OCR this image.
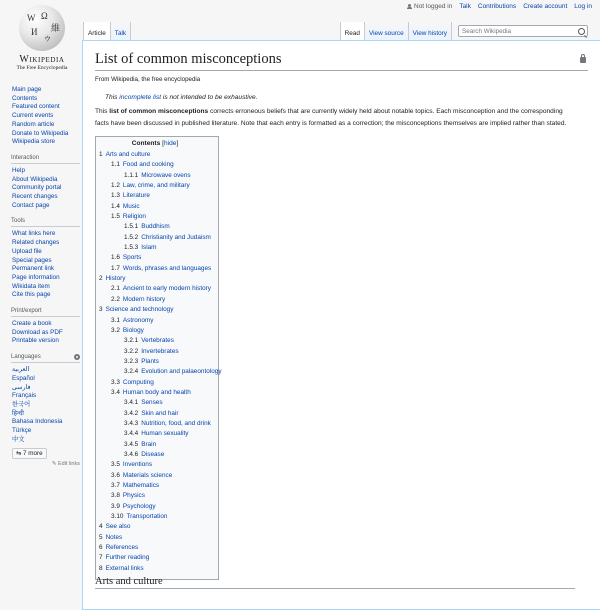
Not logged in Talk Contributions Create account Log in
W Ω
維
И
ゥ
Wikipedia
The Free Encyclopedia
Main page
Contents
Featured content
Current events
Random article
Donate to Wikipedia
Wikipedia store
Interaction
Help
About Wikipedia
Community portal
Recent changes
Contact page
Tools
What links here
Related changes
Upload file
Special pages
Permanent link
Page information
Wikidata item
Cite this page
Print/export
Create a book
Download as PDF
Printable version
Languages
العربية
Español
فارسی
Français
한국어
हिन्दी
Bahasa Indonesia
Türkçe
中文
⇆ 7 more
✎ Edit links
Article	Talk	Read	View source	View history
Search Wikipedia
List of common misconceptions
From Wikipedia, the free encyclopedia
This incomplete list is not intended to be exhaustive.
This list of common misconceptions corrects erroneous beliefs that are currently widely held about notable topics. Each misconception and the corresponding facts have been discussed in published literature. Note that each entry is formatted as a correction; the misconceptions themselves are implied rather than stated.
Contents [hide]
1 Arts and culture
1.1 Food and cooking
1.1.1 Microwave ovens
1.2 Law, crime, and military
1.3 Literature
1.4 Music
1.5 Religion
1.5.1 Buddhism
1.5.2 Christianity and Judaism
1.5.3 Islam
1.6 Sports
1.7 Words, phrases and languages
2 History
2.1 Ancient to early modern history
2.2 Modern history
3 Science and technology
3.1 Astronomy
3.2 Biology
3.2.1 Vertebrates
3.2.2 Invertebrates
3.2.3 Plants
3.2.4 Evolution and palaeontology
3.3 Computing
3.4 Human body and health
3.4.1 Senses
3.4.2 Skin and hair
3.4.3 Nutrition, food, and drink
3.4.4 Human sexuality
3.4.5 Brain
3.4.6 Disease
3.5 Inventions
3.6 Materials science
3.7 Mathematics
3.8 Physics
3.9 Psychology
3.10 Transportation
4 See also
5 Notes
6 References
7 Further reading
8 External links
Arts and culture
